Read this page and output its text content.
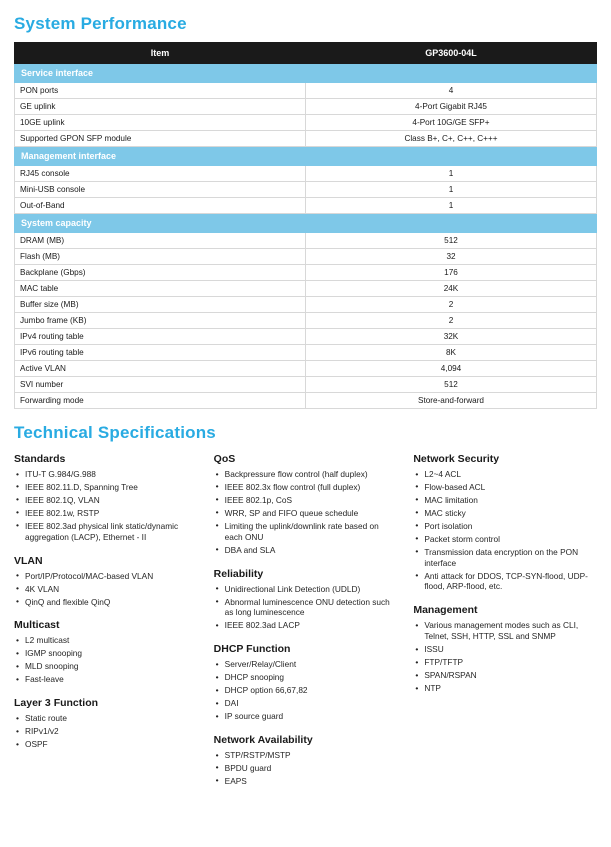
System Performance
Item	GP3600-04L
Service interface	
PON ports	4
GE uplink	4-Port Gigabit RJ45
10GE uplink	4-Port 10G/GE SFP+
Supported GPON SFP module	Class B+, C+, C++, C+++
Management interface	
RJ45 console	1
Mini-USB console	1
Out-of-Band	1
System capacity	
DRAM (MB)	512
Flash (MB)	32
Backplane (Gbps)	176
MAC table	24K
Buffer size (MB)	2
Jumbo frame (KB)	2
IPv4 routing table	32K
IPv6 routing table	8K
Active VLAN	4,094
SVI number	512
Forwarding mode	Store-and-forward
Technical Specifications
Standards
• ITU-T G.984/G.988
• IEEE 802.11.D, Spanning Tree
• IEEE 802.1Q, VLAN
• IEEE 802.1w, RSTP
• IEEE 802.3ad physical link static/dynamic aggregation (LACP), Ethernet - II
VLAN
• Port/IP/Protocol/MAC-based VLAN
• 4K VLAN
• QinQ and flexible QinQ
Multicast
• L2 multicast
• IGMP snooping
• MLD snooping
• Fast-leave
Layer 3 Function
• Static route
• RIPv1/v2
• OSPF
QoS
• Backpressure flow control (half duplex)
• IEEE 802.3x flow control (full duplex)
• IEEE 802.1p, CoS
• WRR, SP and FIFO queue schedule
• Limiting the uplink/downlink rate based on each ONU
• DBA and SLA
Reliability
• Unidirectional Link Detection (UDLD)
• Abnormal luminescence ONU detection such as long luminescence
• IEEE 802.3ad LACP
DHCP Function
• Server/Relay/Client
• DHCP snooping
• DHCP option 66,67,82
• DAI
• IP source guard
Network Availability
• STP/RSTP/MSTP
• BPDU guard
• EAPS
Network Security
• L2~4 ACL
• Flow-based ACL
• MAC limitation
• MAC sticky
• Port isolation
• Packet storm control
• Transmission data encryption on the PON interface
• Anti attack for DDOS, TCP-SYN-flood, UDP-flood, ARP-flood, etc.
Management
• Various management modes such as CLI, Telnet, SSH, HTTP, SSL and SNMP
• ISSU
• FTP/TFTP
• SPAN/RSPAN
• NTP
